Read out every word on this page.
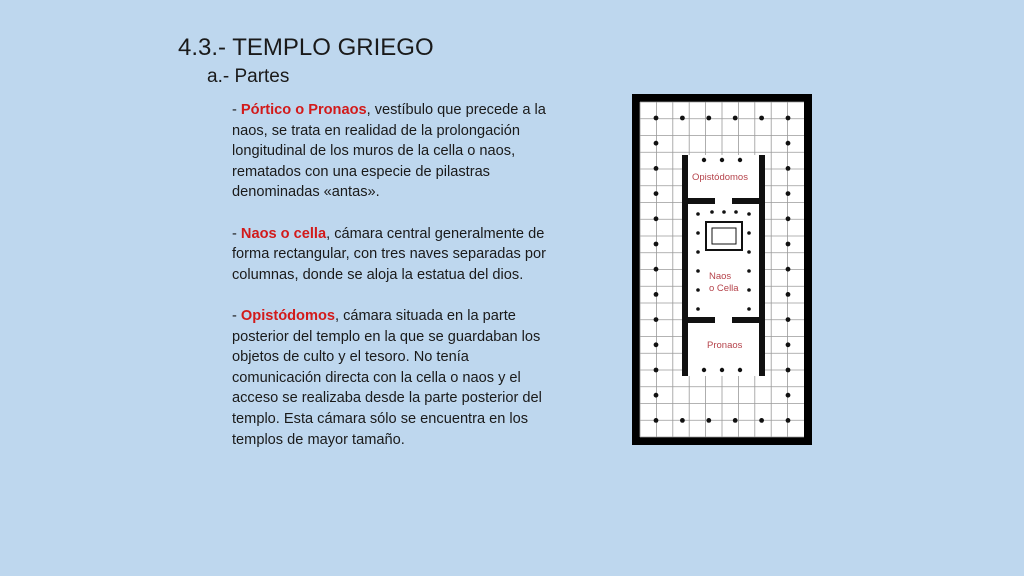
4.3.- TEMPLO GRIEGO
a.- Partes

- Pórtico o Pronaos, vestíbulo que precede a la naos, se trata en realidad de la prolongación longitudinal de los muros de la cella o naos, rematados con una especie de pilastras denominadas «antas».

- Naos o cella, cámara central generalmente de forma rectangular, con tres naves separadas por columnas, donde se aloja la estatua del dios.

- Opistódomos, cámara situada en la parte posterior del templo en la que se guardaban los objetos de culto y el tesoro. No tenía comunicación directa con la cella o naos y el acceso se realizaba desde la parte posterior del templo. Esta cámara sólo se encuentra en los templos de mayor tamaño.

Opistódomos
Naos
o Cella
Pronaos
